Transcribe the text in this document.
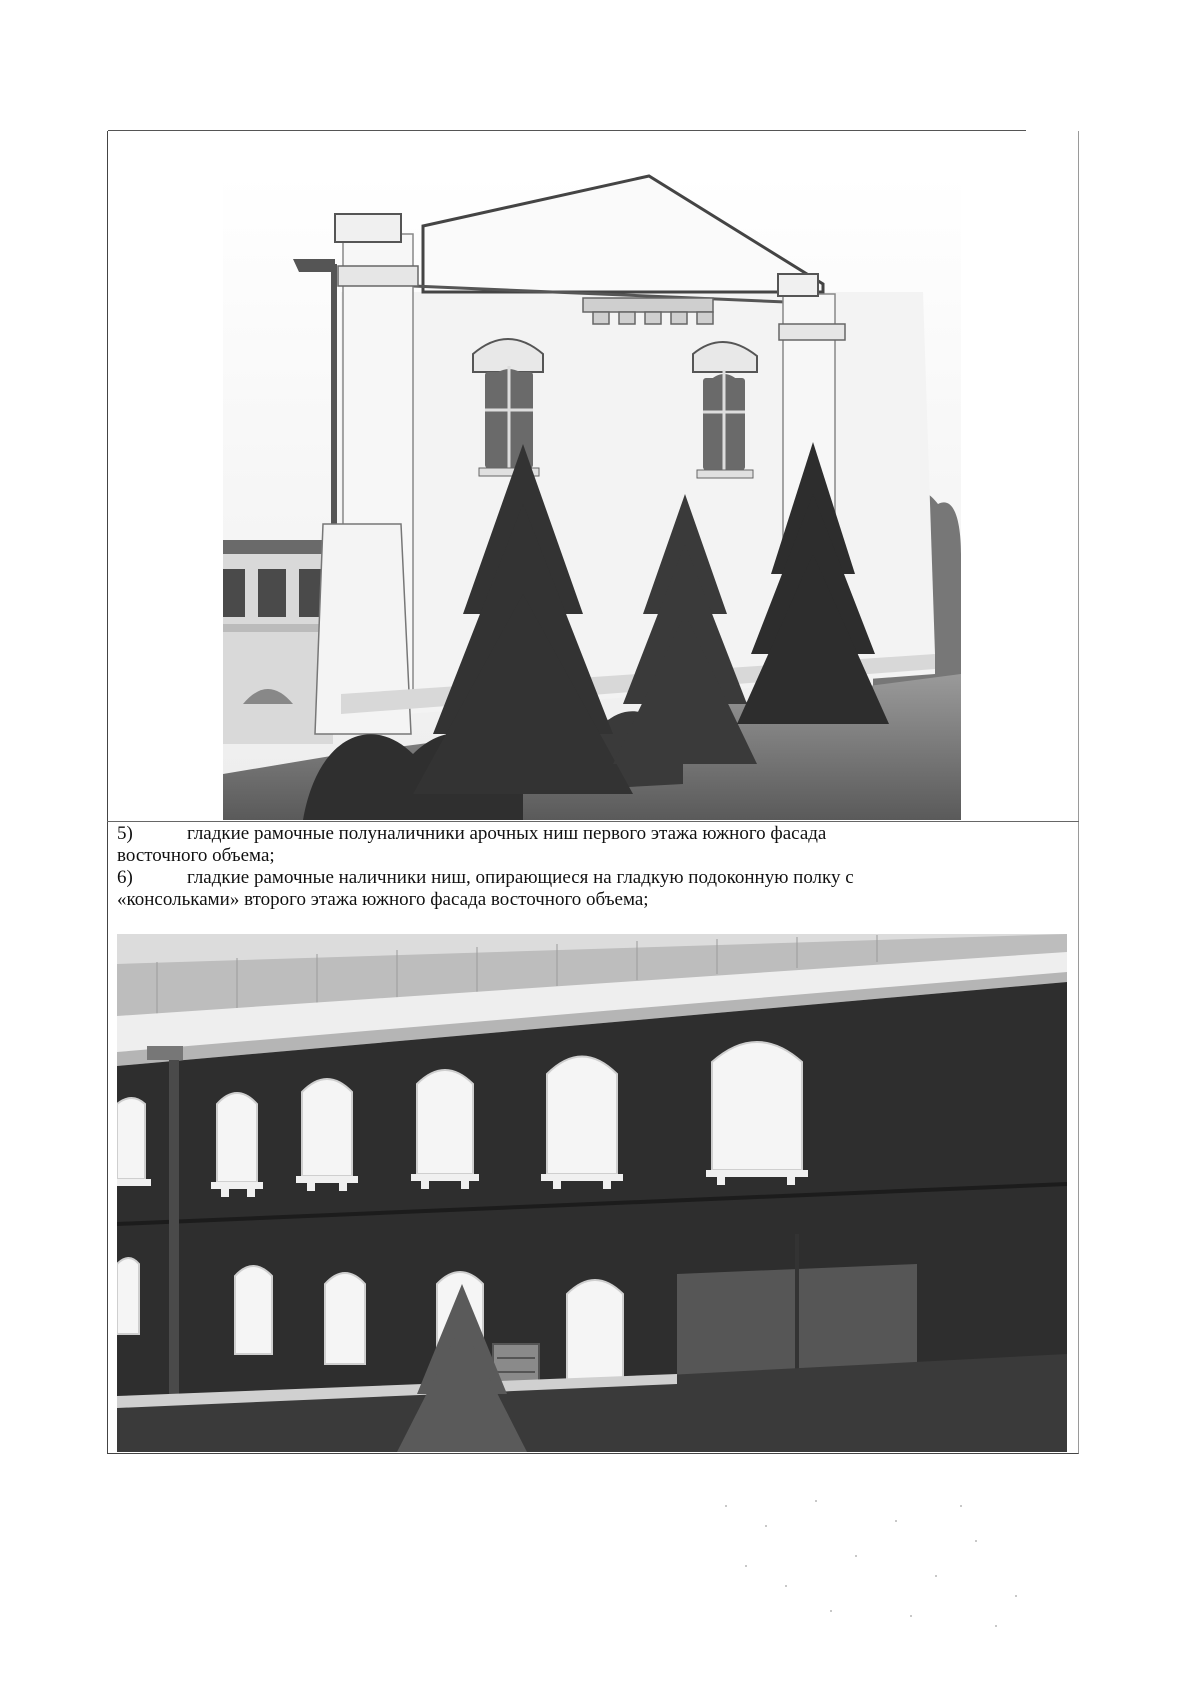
5)	гладкие рамочные полуналичники арочных ниш первого этажа южного фасада
восточного объема;
6)	гладкие рамочные наличники ниш, опирающиеся на гладкую подоконную полку с
«консольками» второго этажа южного фасада восточного объема;
